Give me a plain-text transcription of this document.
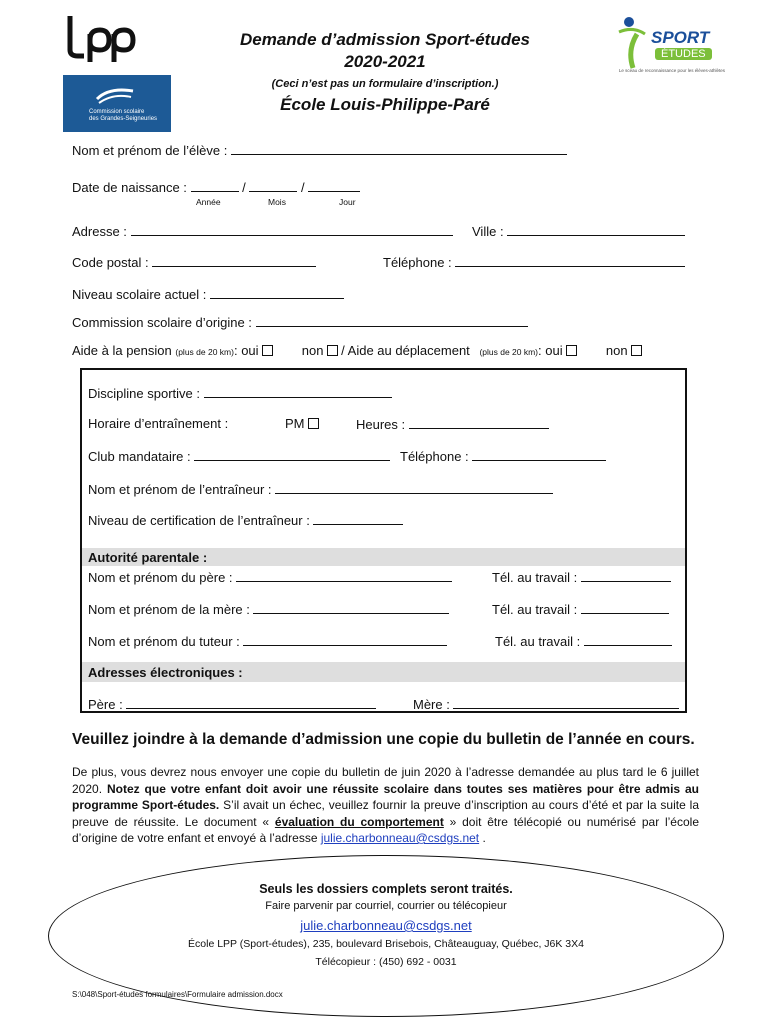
Commission scolaire
des Grandes-Seigneuries
Demande d’admission Sport-études
2020-2021
(Ceci n’est pas un formulaire d’inscription.)
École Louis-Philippe-Paré
SPORT
ÉTUDES
Le sceau de reconnaissance pour les élèves-athlètes
Nom et prénom de l’élève :
Date de naissance :	/	/
Année	Mois	Jour
Adresse :	Ville :
Code postal :	Téléphone :
Niveau scolaire actuel :
Commission scolaire d’origine :
Aide à la pension (plus de 20 km): oui	non / Aide au déplacement (plus de 20 km): oui	non
Discipline sportive :
Horaire d’entraînement :	PM	Heures :
Club mandataire :	Téléphone :
Nom et prénom de l’entraîneur :
Niveau de certification de l’entraîneur :
Autorité parentale :
Nom et prénom du père :	Tél. au travail :
Nom et prénom de la mère :	Tél. au travail :
Nom et prénom du tuteur :	Tél. au travail :
Adresses électroniques :
Père :	Mère :
Veuillez joindre à la demande d’admission une copie du bulletin de l’année en cours.
De plus, vous devrez nous envoyer une copie du bulletin de juin 2020 à l’adresse demandée au plus tard le 6 juillet 2020. Notez que votre enfant doit avoir une réussite scolaire dans toutes ses matières pour être admis au programme Sport-études. S’il avait un échec, veuillez fournir la preuve d’inscription au cours d’été et par la suite la preuve de réussite. Le document « évaluation du comportement » doit être télécopié ou numérisé par l’école d’origine de votre enfant et envoyé à l’adresse julie.charbonneau@csdgs.net .
Seuls les dossiers complets seront traités.
Faire parvenir par courriel, courrier ou télécopieur
julie.charbonneau@csdgs.net
École LPP (Sport-études), 235, boulevard Brisebois, Châteauguay, Québec, J6K 3X4
Télécopieur : (450) 692 - 0031
S:\048\Sport-études formulaires\Formulaire admission.docx
